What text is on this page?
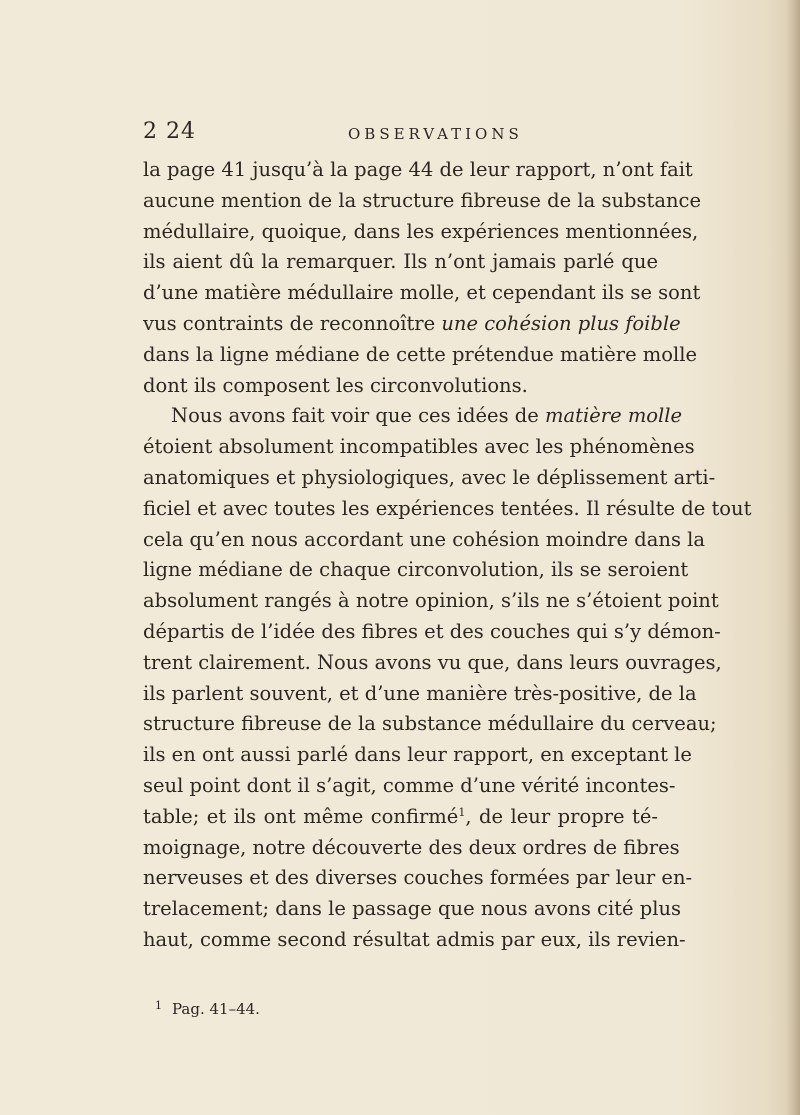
2 24	OBSERVATIONS
la page 41 jusqu’à la page 44 de leur rapport, n’ont fait
aucune mention de la structure fibreuse de la substance
médullaire, quoique, dans les expériences mentionnées,
ils aient dû la remarquer. Ils n’ont jamais parlé que
d’une matière médullaire molle, et cependant ils se sont
vus contraints de reconnoître une cohésion plus foible
dans la ligne médiane de cette prétendue matière molle
dont ils composent les circonvolutions.
Nous avons fait voir que ces idées de matière molle
étoient absolument incompatibles avec les phénomènes
anatomiques et physiologiques, avec le déplissement arti-
ficiel et avec toutes les expériences tentées. Il résulte de tout
cela qu’en nous accordant une cohésion moindre dans la
ligne médiane de chaque circonvolution, ils se seroient
absolument rangés à notre opinion, s’ils ne s’étoient point
départis de l’idée des fibres et des couches qui s’y démon-
trent clairement. Nous avons vu que, dans leurs ouvrages,
ils parlent souvent, et d’une manière très-positive, de la
structure fibreuse de la substance médullaire du cerveau;
ils en ont aussi parlé dans leur rapport, en exceptant le
seul point dont il s’agit, comme d’une vérité incontes-
table; et ils ont même confirmé$^1$, de leur propre té-
moignage, notre découverte des deux ordres de fibres
nerveuses et des diverses couches formées par leur en-
trelacement; dans le passage que nous avons cité plus
haut, comme second résultat admis par eux, ils revien-
1 Pag. 41–44.
